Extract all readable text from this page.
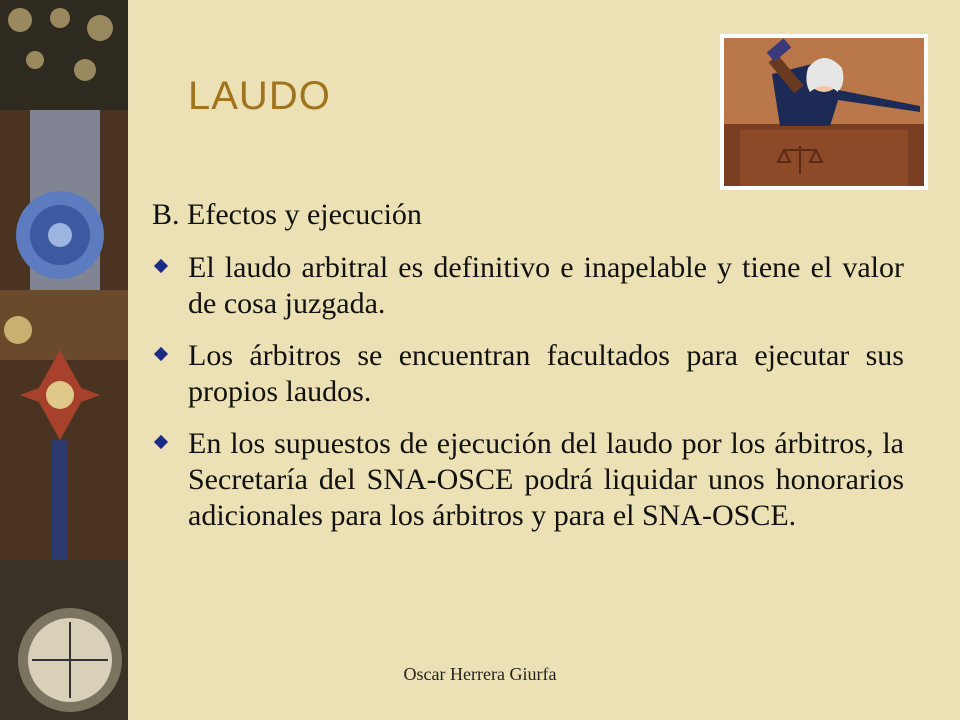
LAUDO
B. Efectos y ejecución
El laudo arbitral es definitivo e inapelable y tiene el valor de cosa juzgada.
Los árbitros se encuentran facultados para ejecutar sus propios laudos.
En los supuestos de ejecución del laudo por los árbitros, la Secretaría del SNA-OSCE podrá liquidar unos honorarios adicionales para los árbitros y para el SNA-OSCE.
Oscar Herrera Giurfa
